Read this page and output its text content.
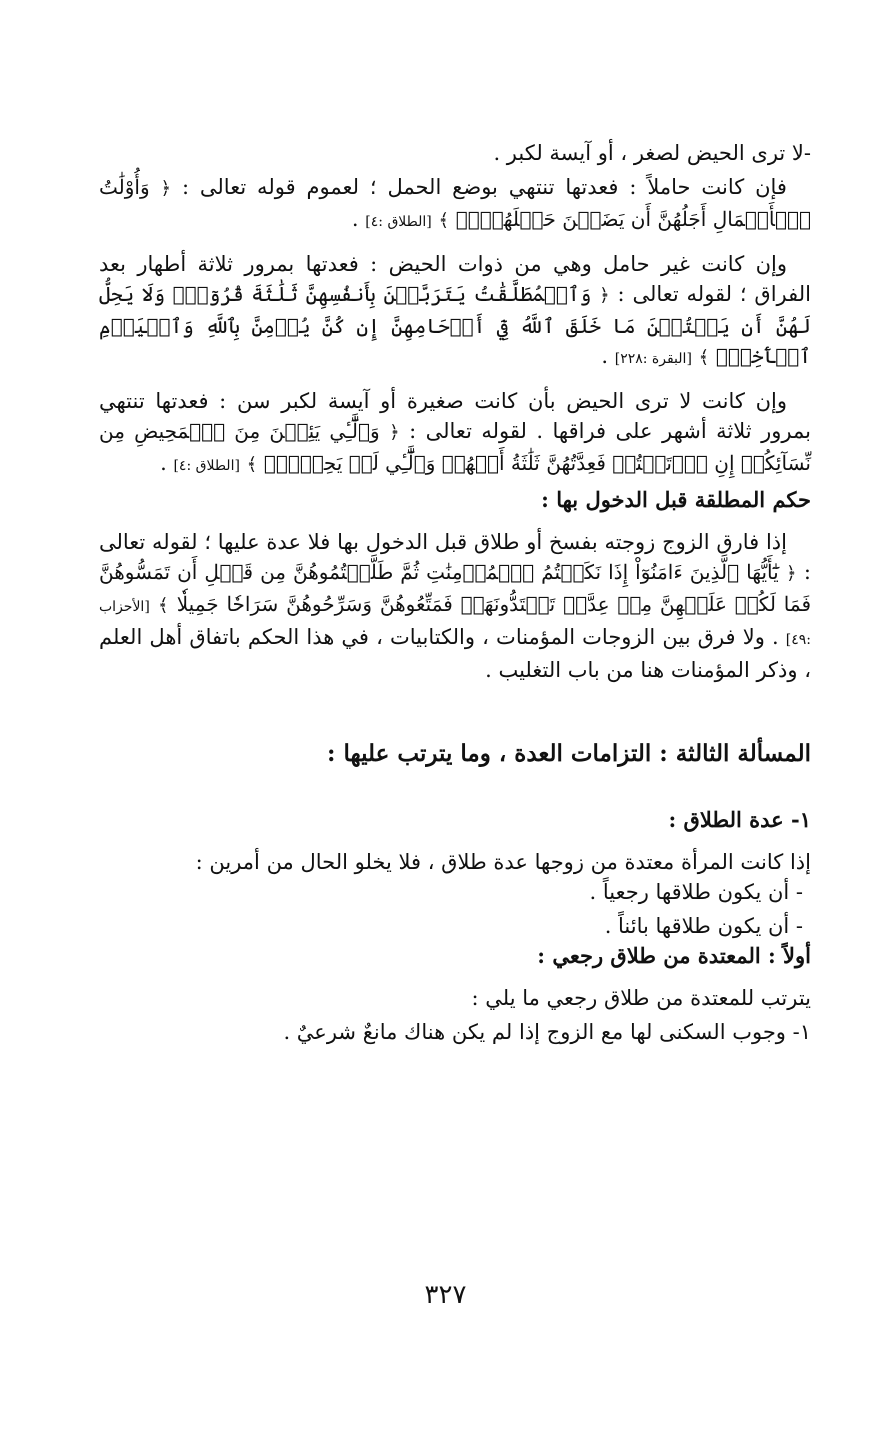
-لا ترى الحيض لصغر ، أو آيسة لكبر .

فإن كانت حاملاً : فعدتها تنتهي بوضع الحمل ؛ لعموم قوله تعالى : ﴿ وَأُوْلَٰتُ ٱلۡأَحۡمَالِ أَجَلُهُنَّ أَن يَضَعۡنَ حَمۡلَهُنَّۚ ﴾ [الطلاق :٤] .

وإن كانت غير حامل وهي من ذوات الحيض : فعدتها بمرور ثلاثة أطهار بعد الفراق ؛ لقوله تعالى : ﴿ وَٱلۡمُطَلَّقَٰتُ يَتَرَبَّصۡنَ بِأَنفُسِهِنَّ ثَلَٰثَةَ قُرُوٓءٖۚ وَلَا يَحِلُّ لَهُنَّ أَن يَكۡتُمۡنَ مَا خَلَقَ ٱللَّهُ فِيٓ أَرۡحَامِهِنَّ إِن كُنَّ يُؤۡمِنَّ بِٱللَّهِ وَٱلۡيَوۡمِ ٱلۡأٓخِرِۚ ﴾ [البقرة :٢٢٨] .

وإن كانت لا ترى الحيض بأن كانت صغيرة أو آيسة لكبر سن : فعدتها تنتهي بمرور ثلاثة أشهر على فراقها . لقوله تعالى : ﴿ وَٱلَّٰٓـِٔي يَئِسۡنَ مِنَ ٱلۡمَحِيضِ مِن نِّسَآئِكُمۡ إِنِ ٱرۡتَبۡتُمۡ فَعِدَّتُهُنَّ ثَلَٰثَةُ أَشۡهُرٖ وَٱلَّٰٓـِٔي لَمۡ يَحِضۡنَۚ ﴾ [الطلاق :٤] .

حكم المطلقة قبل الدخول بها :

إذا فارق الزوج زوجته بفسخ أو طلاق قبل الدخول بها فلا عدة عليها ؛ لقوله تعالى : ﴿ يَٰٓأَيُّهَا ٱلَّذِينَ ءَامَنُوٓاْ إِذَا نَكَحۡتُمُ ٱلۡمُؤۡمِنَٰتِ ثُمَّ طَلَّقۡتُمُوهُنَّ مِن قَبۡلِ أَن تَمَسُّوهُنَّ فَمَا لَكُمۡ عَلَيۡهِنَّ مِنۡ عِدَّةٖ تَعۡتَدُّونَهَاۖ فَمَتِّعُوهُنَّ وَسَرِّحُوهُنَّ سَرَاحٗا جَمِيلٗا ﴾ [الأحزاب :٤٩] . ولا فرق بين الزوجات المؤمنات ، والكتابيات ، في هذا الحكم باتفاق أهل العلم ، وذكر المؤمنات هنا من باب التغليب .

المسألة الثالثة : التزامات العدة ، وما يترتب عليها :

١- عدة الطلاق :

إذا كانت المرأة معتدة من زوجها عدة طلاق ، فلا يخلو الحال من أمرين :

- أن يكون طلاقها رجعياً .

- أن يكون طلاقها بائناً .

أولاً : المعتدة من طلاق رجعي :

يترتب للمعتدة من طلاق رجعي ما يلي :

١- وجوب السكنى لها مع الزوج إذا لم يكن هناك مانعٌ شرعيٌ .

٣٢٧
